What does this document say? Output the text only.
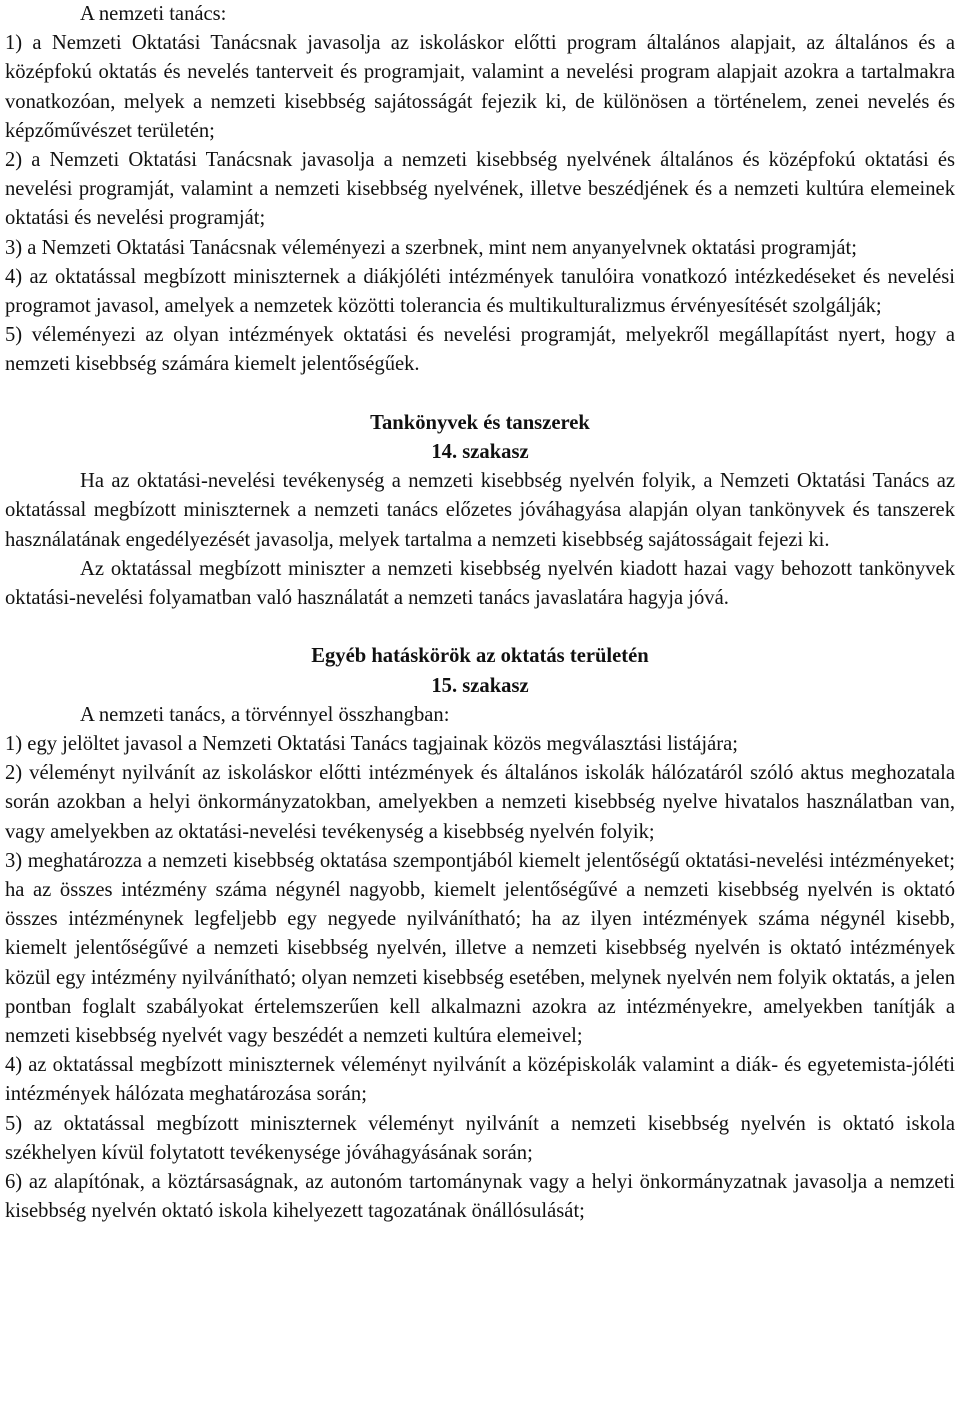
A nemzeti tanács:

1) a Nemzeti Oktatási Tanácsnak javasolja az iskoláskor előtti program általános alapjait, az általános és a középfokú oktatás és nevelés tanterveit és programjait, valamint a nevelési program alapjait azokra a tartalmakra vonatkozóan, melyek a nemzeti kisebbség sajátosságát fejezik ki, de különösen a történelem, zenei nevelés és képzőművészet területén;

2) a Nemzeti Oktatási Tanácsnak javasolja a nemzeti kisebbség nyelvének általános és középfokú oktatási és nevelési programját, valamint a nemzeti kisebbség nyelvének, illetve beszédjének és a nemzeti kultúra elemeinek oktatási és nevelési programját;

3) a Nemzeti Oktatási Tanácsnak véleményezi a szerbnek, mint nem anyanyelvnek oktatási programját;

4) az oktatással megbízott miniszternek a diákjóléti intézmények tanulóira vonatkozó intézkedéseket és nevelési programot javasol, amelyek a nemzetek közötti tolerancia és multikulturalizmus érvényesítését szolgálják;

5) véleményezi az olyan intézmények oktatási és nevelési programját, melyekről megállapítást nyert, hogy a nemzeti kisebbség számára kiemelt jelentőségűek.

Tankönyvek és tanszerek

14. szakasz

Ha az oktatási-nevelési tevékenység a nemzeti kisebbség nyelvén folyik, a Nemzeti Oktatási Tanács az oktatással megbízott miniszternek a nemzeti tanács előzetes jóváhagyása alapján olyan tankönyvek és tanszerek használatának engedélyezését javasolja, melyek tartalma a nemzeti kisebbség sajátosságait fejezi ki.

Az oktatással megbízott miniszter a nemzeti kisebbség nyelvén kiadott hazai vagy behozott tankönyvek oktatási-nevelési folyamatban való használatát a nemzeti tanács javaslatára hagyja jóvá.

Egyéb hatáskörök az oktatás területén

15. szakasz

A nemzeti tanács, a törvénnyel összhangban:

1) egy jelöltet javasol a Nemzeti Oktatási Tanács tagjainak közös megválasztási listájára;

2) véleményt nyilvánít az iskoláskor előtti intézmények és általános iskolák hálózatáról szóló aktus meghozatala során azokban a helyi önkormányzatokban, amelyekben a nemzeti kisebbség nyelve hivatalos használatban van, vagy amelyekben az oktatási-nevelési tevékenység a kisebbség nyelvén folyik;

3) meghatározza a nemzeti kisebbség oktatása szempontjából kiemelt jelentőségű oktatási-nevelési intézményeket; ha az összes intézmény száma négynél nagyobb, kiemelt jelentőségűvé a nemzeti kisebbség nyelvén is oktató összes intézménynek legfeljebb egy negyede nyilvánítható; ha az ilyen intézmények száma négynél kisebb, kiemelt jelentőségűvé a nemzeti kisebbség nyelvén, illetve a nemzeti kisebbség nyelvén is oktató intézmények közül egy intézmény nyilvánítható; olyan nemzeti kisebbség esetében, melynek nyelvén nem folyik oktatás, a jelen pontban foglalt szabályokat értelemszerűen kell alkalmazni azokra az intézményekre, amelyekben tanítják a nemzeti kisebbség nyelvét vagy beszédét a nemzeti kultúra elemeivel;

4) az oktatással megbízott miniszternek véleményt nyilvánít a középiskolák valamint a diák- és egyetemista-jóléti intézmények hálózata meghatározása során;

5) az oktatással megbízott miniszternek véleményt nyilvánít a nemzeti kisebbség nyelvén is oktató iskola székhelyen kívül folytatott tevékenysége jóváhagyásának során;

6) az alapítónak, a köztársaságnak, az autonóm tartománynak vagy a helyi önkormányzatnak javasolja a nemzeti kisebbség nyelvén oktató iskola kihelyezett tagozatának önállósulását;
